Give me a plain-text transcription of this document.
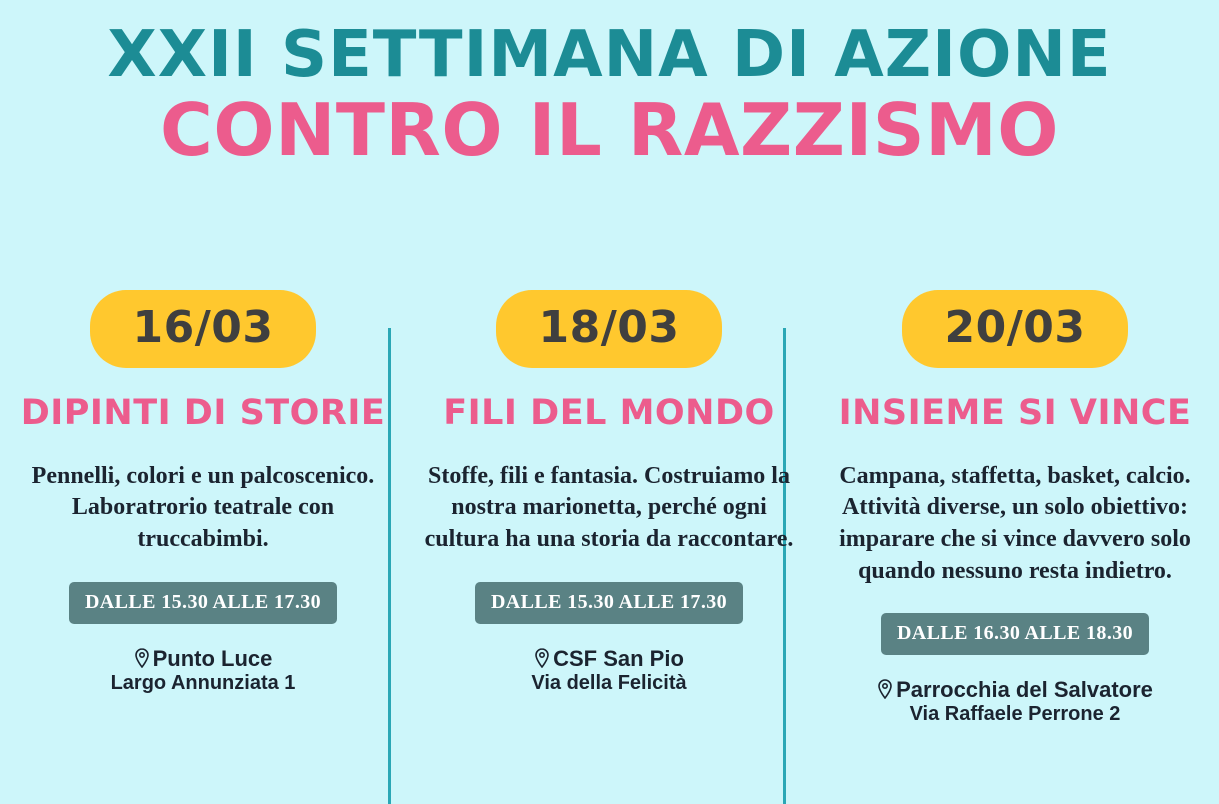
XXII SETTIMANA DI AZIONE
CONTRO IL RAZZISMO
16/03
DIPINTI DI STORIE
Pennelli, colori e un palcoscenico.
Laboratrorio teatrale con truccabimbi.
DALLE 15.30 ALLE 17.30
Punto Luce
Largo Annunziata 1
18/03
FILI DEL MONDO
Stoffe, fili e fantasia. Costruiamo la nostra marionetta, perché ogni cultura ha una storia da raccontare.
DALLE 15.30 ALLE 17.30
CSF San Pio
Via della Felicità
20/03
INSIEME SI VINCE
Campana, staffetta, basket, calcio. Attività diverse, un solo obiettivo: imparare che si vince davvero solo quando nessuno resta indietro.
DALLE 16.30 ALLE 18.30
Parrocchia del Salvatore
Via Raffaele Perrone 2
